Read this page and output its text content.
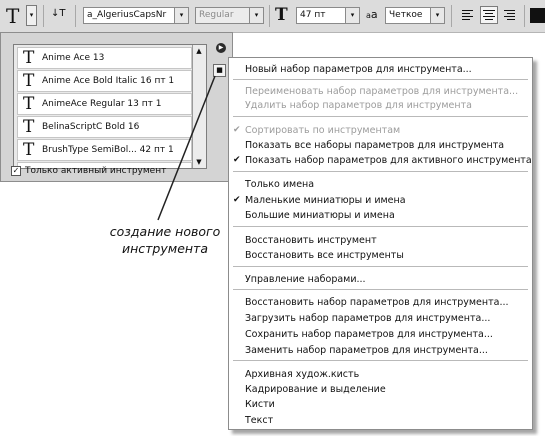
T	▾	↓T	a_AlgeriusCapsNr	▾	Regular	▾ T	47 пт	▾	aa	Четкое	▾
T Anime Ace 13
T Anime Ace Bold Italic 16 пт 1
T AnimeAce Regular 13 пт 1
T BelinaScriptC Bold 16
T BrushType SemiBol... 42 пт 1
▲
▼
▶
■
✓ Только активный инструмент
Новый набор параметров для инструмента...
Переименовать набор параметров для инструмента...
Удалить набор параметров для инструмента
✔ Сортировать по инструментам
Показать все наборы параметров для инструмента
✔ Показать набор параметров для активного инструмента
Только имена
✔ Маленькие миниатюры и имена
Большие миниатюры и имена
Восстановить инструмент
Восстановить все инструменты
Управление наборами...
Восстановить набор параметров для инструмента...
Загрузить набор параметров для инструмента...
Сохранить набор параметров для инструмента...
Заменить набор параметров для инструмента...
Архивная худож.кисть
Кадрирование и выделение
Кисти
Текст
создание нового
инструмента
